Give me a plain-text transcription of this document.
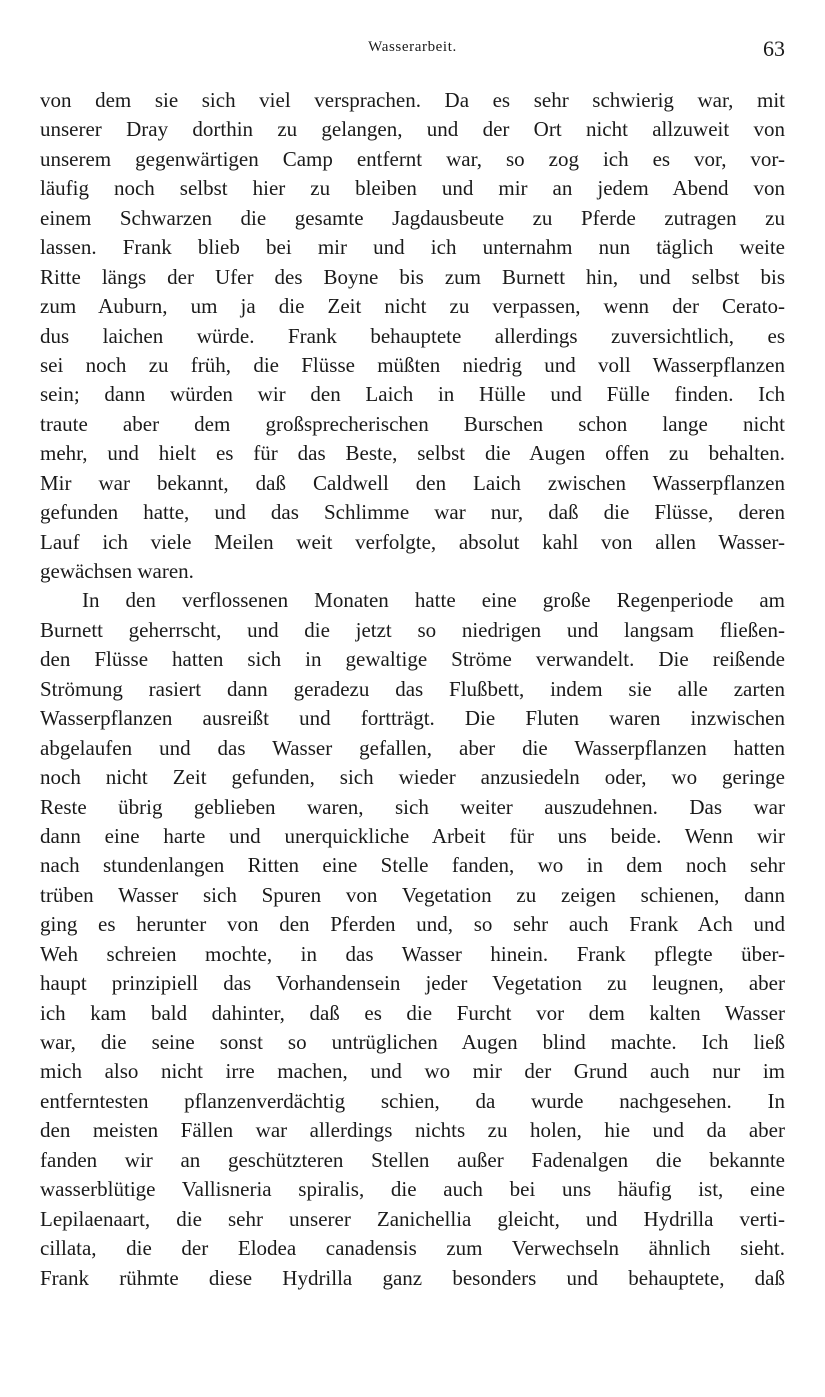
Wasserarbeit.	63
von dem sie sich viel versprachen. Da es sehr schwierig war, mit
unserer Dray dorthin zu gelangen, und der Ort nicht allzuweit von
unserem gegenwärtigen Camp entfernt war, so zog ich es vor, vor-
läufig noch selbst hier zu bleiben und mir an jedem Abend von
einem Schwarzen die gesamte Jagdausbeute zu Pferde zutragen zu
lassen. Frank blieb bei mir und ich unternahm nun täglich weite
Ritte längs der Ufer des Boyne bis zum Burnett hin, und selbst bis
zum Auburn, um ja die Zeit nicht zu verpassen, wenn der Cerato-
dus laichen würde. Frank behauptete allerdings zuversichtlich, es
sei noch zu früh, die Flüsse müßten niedrig und voll Wasserpflanzen
sein; dann würden wir den Laich in Hülle und Fülle finden. Ich
traute aber dem großsprecherischen Burschen schon lange nicht
mehr, und hielt es für das Beste, selbst die Augen offen zu behalten.
Mir war bekannt, daß Caldwell den Laich zwischen Wasserpflanzen
gefunden hatte, und das Schlimme war nur, daß die Flüsse, deren
Lauf ich viele Meilen weit verfolgte, absolut kahl von allen Wasser-
gewächsen waren.
In den verflossenen Monaten hatte eine große Regenperiode am
Burnett geherrscht, und die jetzt so niedrigen und langsam fließen-
den Flüsse hatten sich in gewaltige Ströme verwandelt. Die reißende
Strömung rasiert dann geradezu das Flußbett, indem sie alle zarten
Wasserpflanzen ausreißt und fortträgt. Die Fluten waren inzwischen
abgelaufen und das Wasser gefallen, aber die Wasserpflanzen hatten
noch nicht Zeit gefunden, sich wieder anzusiedeln oder, wo geringe
Reste übrig geblieben waren, sich weiter auszudehnen. Das war
dann eine harte und unerquickliche Arbeit für uns beide. Wenn wir
nach stundenlangen Ritten eine Stelle fanden, wo in dem noch sehr
trüben Wasser sich Spuren von Vegetation zu zeigen schienen, dann
ging es herunter von den Pferden und, so sehr auch Frank Ach und
Weh schreien mochte, in das Wasser hinein. Frank pflegte über-
haupt prinzipiell das Vorhandensein jeder Vegetation zu leugnen, aber
ich kam bald dahinter, daß es die Furcht vor dem kalten Wasser
war, die seine sonst so untrüglichen Augen blind machte. Ich ließ
mich also nicht irre machen, und wo mir der Grund auch nur im
entferntesten pflanzenverdächtig schien, da wurde nachgesehen. In
den meisten Fällen war allerdings nichts zu holen, hie und da aber
fanden wir an geschützteren Stellen außer Fadenalgen die bekannte
wasserblütige Vallisneria spiralis, die auch bei uns häufig ist, eine
Lepilaenaart, die sehr unserer Zanichellia gleicht, und Hydrilla verti-
cillata, die der Elodea canadensis zum Verwechseln ähnlich sieht.
Frank rühmte diese Hydrilla ganz besonders und behauptete, daß
